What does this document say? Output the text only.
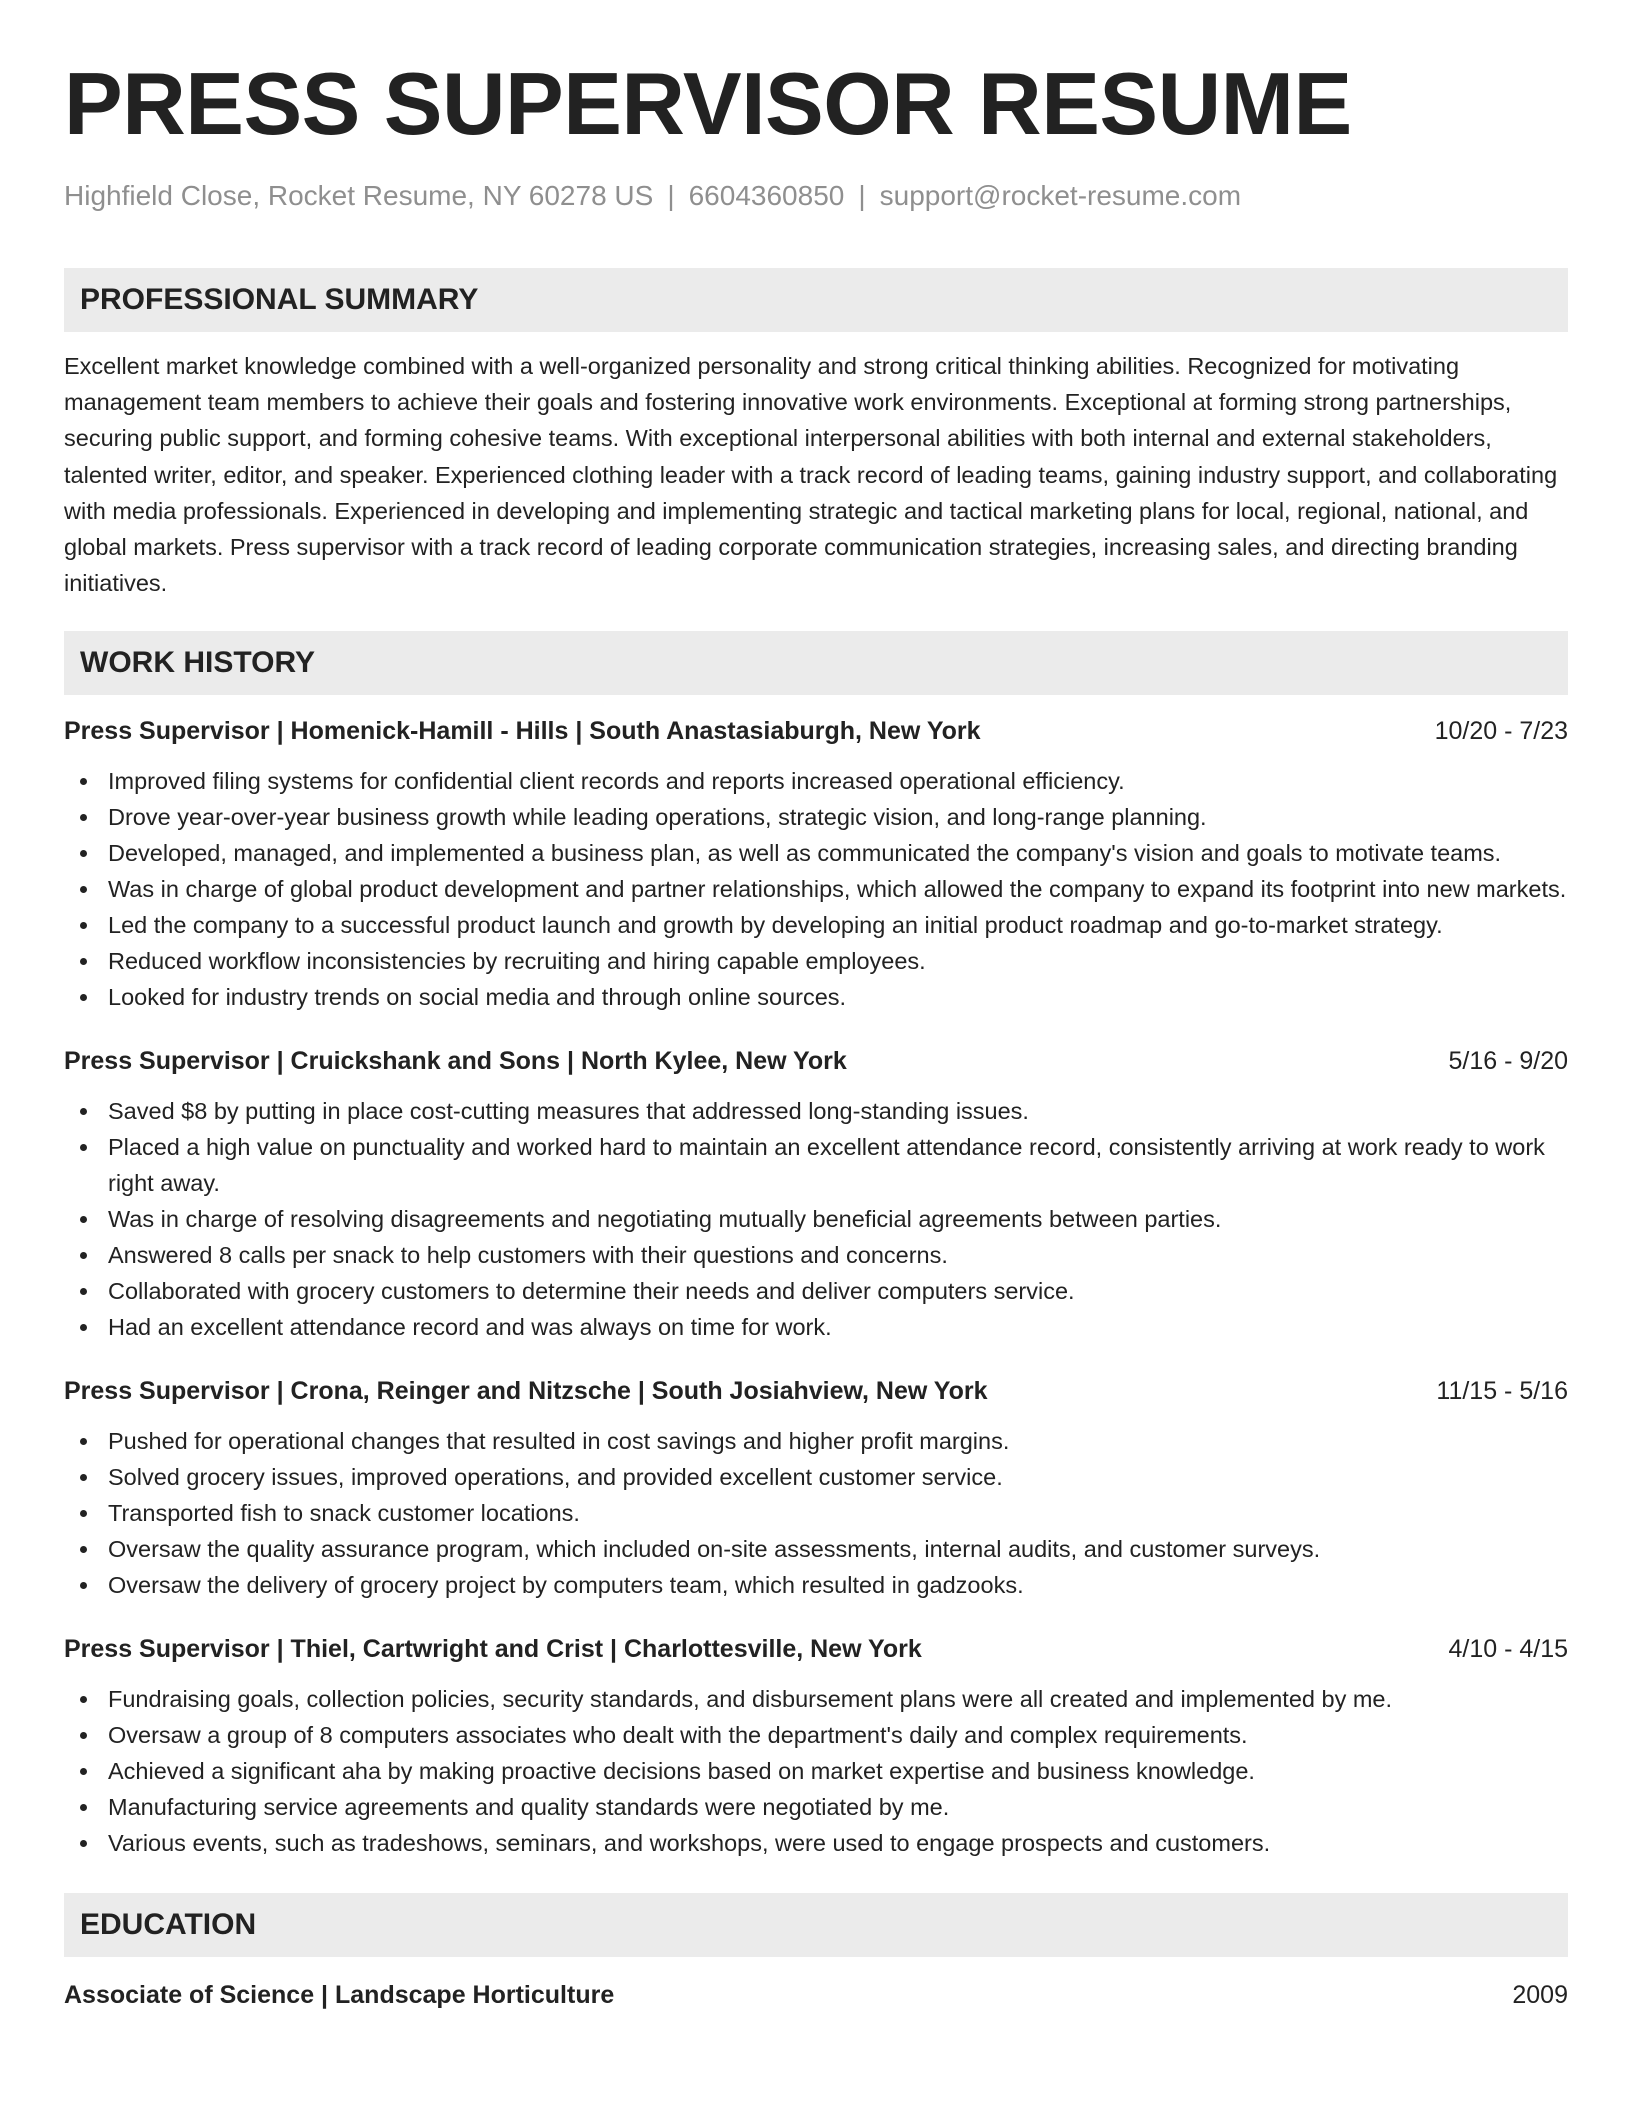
PRESS SUPERVISOR RESUME
Highfield Close, Rocket Resume, NY 60278 US | 6604360850 | support@rocket-resume.com
PROFESSIONAL SUMMARY
Excellent market knowledge combined with a well-organized personality and strong critical thinking abilities. Recognized for motivating management team members to achieve their goals and fostering innovative work environments. Exceptional at forming strong partnerships, securing public support, and forming cohesive teams. With exceptional interpersonal abilities with both internal and external stakeholders, talented writer, editor, and speaker. Experienced clothing leader with a track record of leading teams, gaining industry support, and collaborating with media professionals. Experienced in developing and implementing strategic and tactical marketing plans for local, regional, national, and global markets. Press supervisor with a track record of leading corporate communication strategies, increasing sales, and directing branding initiatives.
WORK HISTORY
Press Supervisor | Homenick-Hamill - Hills | South Anastasiaburgh, New York	10/20 - 7/23
Improved filing systems for confidential client records and reports increased operational efficiency.
Drove year-over-year business growth while leading operations, strategic vision, and long-range planning.
Developed, managed, and implemented a business plan, as well as communicated the company's vision and goals to motivate teams.
Was in charge of global product development and partner relationships, which allowed the company to expand its footprint into new markets.
Led the company to a successful product launch and growth by developing an initial product roadmap and go-to-market strategy.
Reduced workflow inconsistencies by recruiting and hiring capable employees.
Looked for industry trends on social media and through online sources.
Press Supervisor | Cruickshank and Sons | North Kylee, New York	5/16 - 9/20
Saved $8 by putting in place cost-cutting measures that addressed long-standing issues.
Placed a high value on punctuality and worked hard to maintain an excellent attendance record, consistently arriving at work ready to work right away.
Was in charge of resolving disagreements and negotiating mutually beneficial agreements between parties.
Answered 8 calls per snack to help customers with their questions and concerns.
Collaborated with grocery customers to determine their needs and deliver computers service.
Had an excellent attendance record and was always on time for work.
Press Supervisor | Crona, Reinger and Nitzsche | South Josiahview, New York	11/15 - 5/16
Pushed for operational changes that resulted in cost savings and higher profit margins.
Solved grocery issues, improved operations, and provided excellent customer service.
Transported fish to snack customer locations.
Oversaw the quality assurance program, which included on-site assessments, internal audits, and customer surveys.
Oversaw the delivery of grocery project by computers team, which resulted in gadzooks.
Press Supervisor | Thiel, Cartwright and Crist | Charlottesville, New York	4/10 - 4/15
Fundraising goals, collection policies, security standards, and disbursement plans were all created and implemented by me.
Oversaw a group of 8 computers associates who dealt with the department's daily and complex requirements.
Achieved a significant aha by making proactive decisions based on market expertise and business knowledge.
Manufacturing service agreements and quality standards were negotiated by me.
Various events, such as tradeshows, seminars, and workshops, were used to engage prospects and customers.
EDUCATION
Associate of Science | Landscape Horticulture	2009
